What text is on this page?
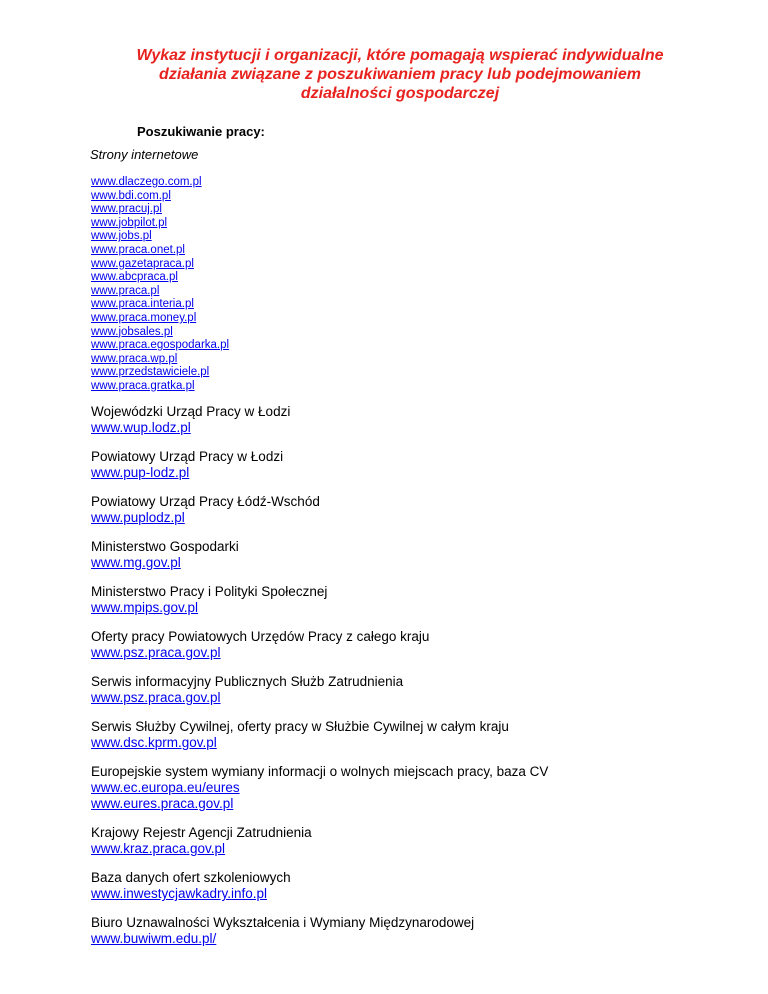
Wykaz instytucji i organizacji, które pomagają wspierać indywidualne działania związane z poszukiwaniem pracy lub podejmowaniem działalności gospodarczej
Poszukiwanie pracy:
Strony internetowe
www.dlaczego.com.pl
www.bdi.com.pl
www.pracuj.pl
www.jobpilot.pl
www.jobs.pl
www.praca.onet.pl
www.gazetapraca.pl
www.abcpraca.pl
www.praca.pl
www.praca.interia.pl
www.praca.money.pl
www.jobsales.pl
www.praca.egospodarka.pl
www.praca.wp.pl
www.przedstawiciele.pl
www.praca.gratka.pl
Wojewódzki Urząd Pracy w Łodzi
www.wup.lodz.pl
Powiatowy Urząd Pracy w Łodzi
www.pup-lodz.pl
Powiatowy Urząd Pracy Łódź-Wschód
www.puplodz.pl
Ministerstwo Gospodarki
www.mg.gov.pl
Ministerstwo Pracy i Polityki Społecznej
www.mpips.gov.pl
Oferty pracy Powiatowych Urzędów Pracy z całego kraju
www.psz.praca.gov.pl
Serwis informacyjny Publicznych Służb Zatrudnienia
www.psz.praca.gov.pl
Serwis Służby Cywilnej, oferty pracy w Służbie Cywilnej w całym kraju
www.dsc.kprm.gov.pl
Europejskie system wymiany informacji o wolnych miejscach pracy, baza CV
www.ec.europa.eu/eures
www.eures.praca.gov.pl
Krajowy Rejestr Agencji Zatrudnienia
www.kraz.praca.gov.pl
Baza danych ofert szkoleniowych
www.inwestycjawkadry.info.pl
Biuro Uznawalności Wykształcenia i Wymiany Międzynarodowej
www.buwiwm.edu.pl/
